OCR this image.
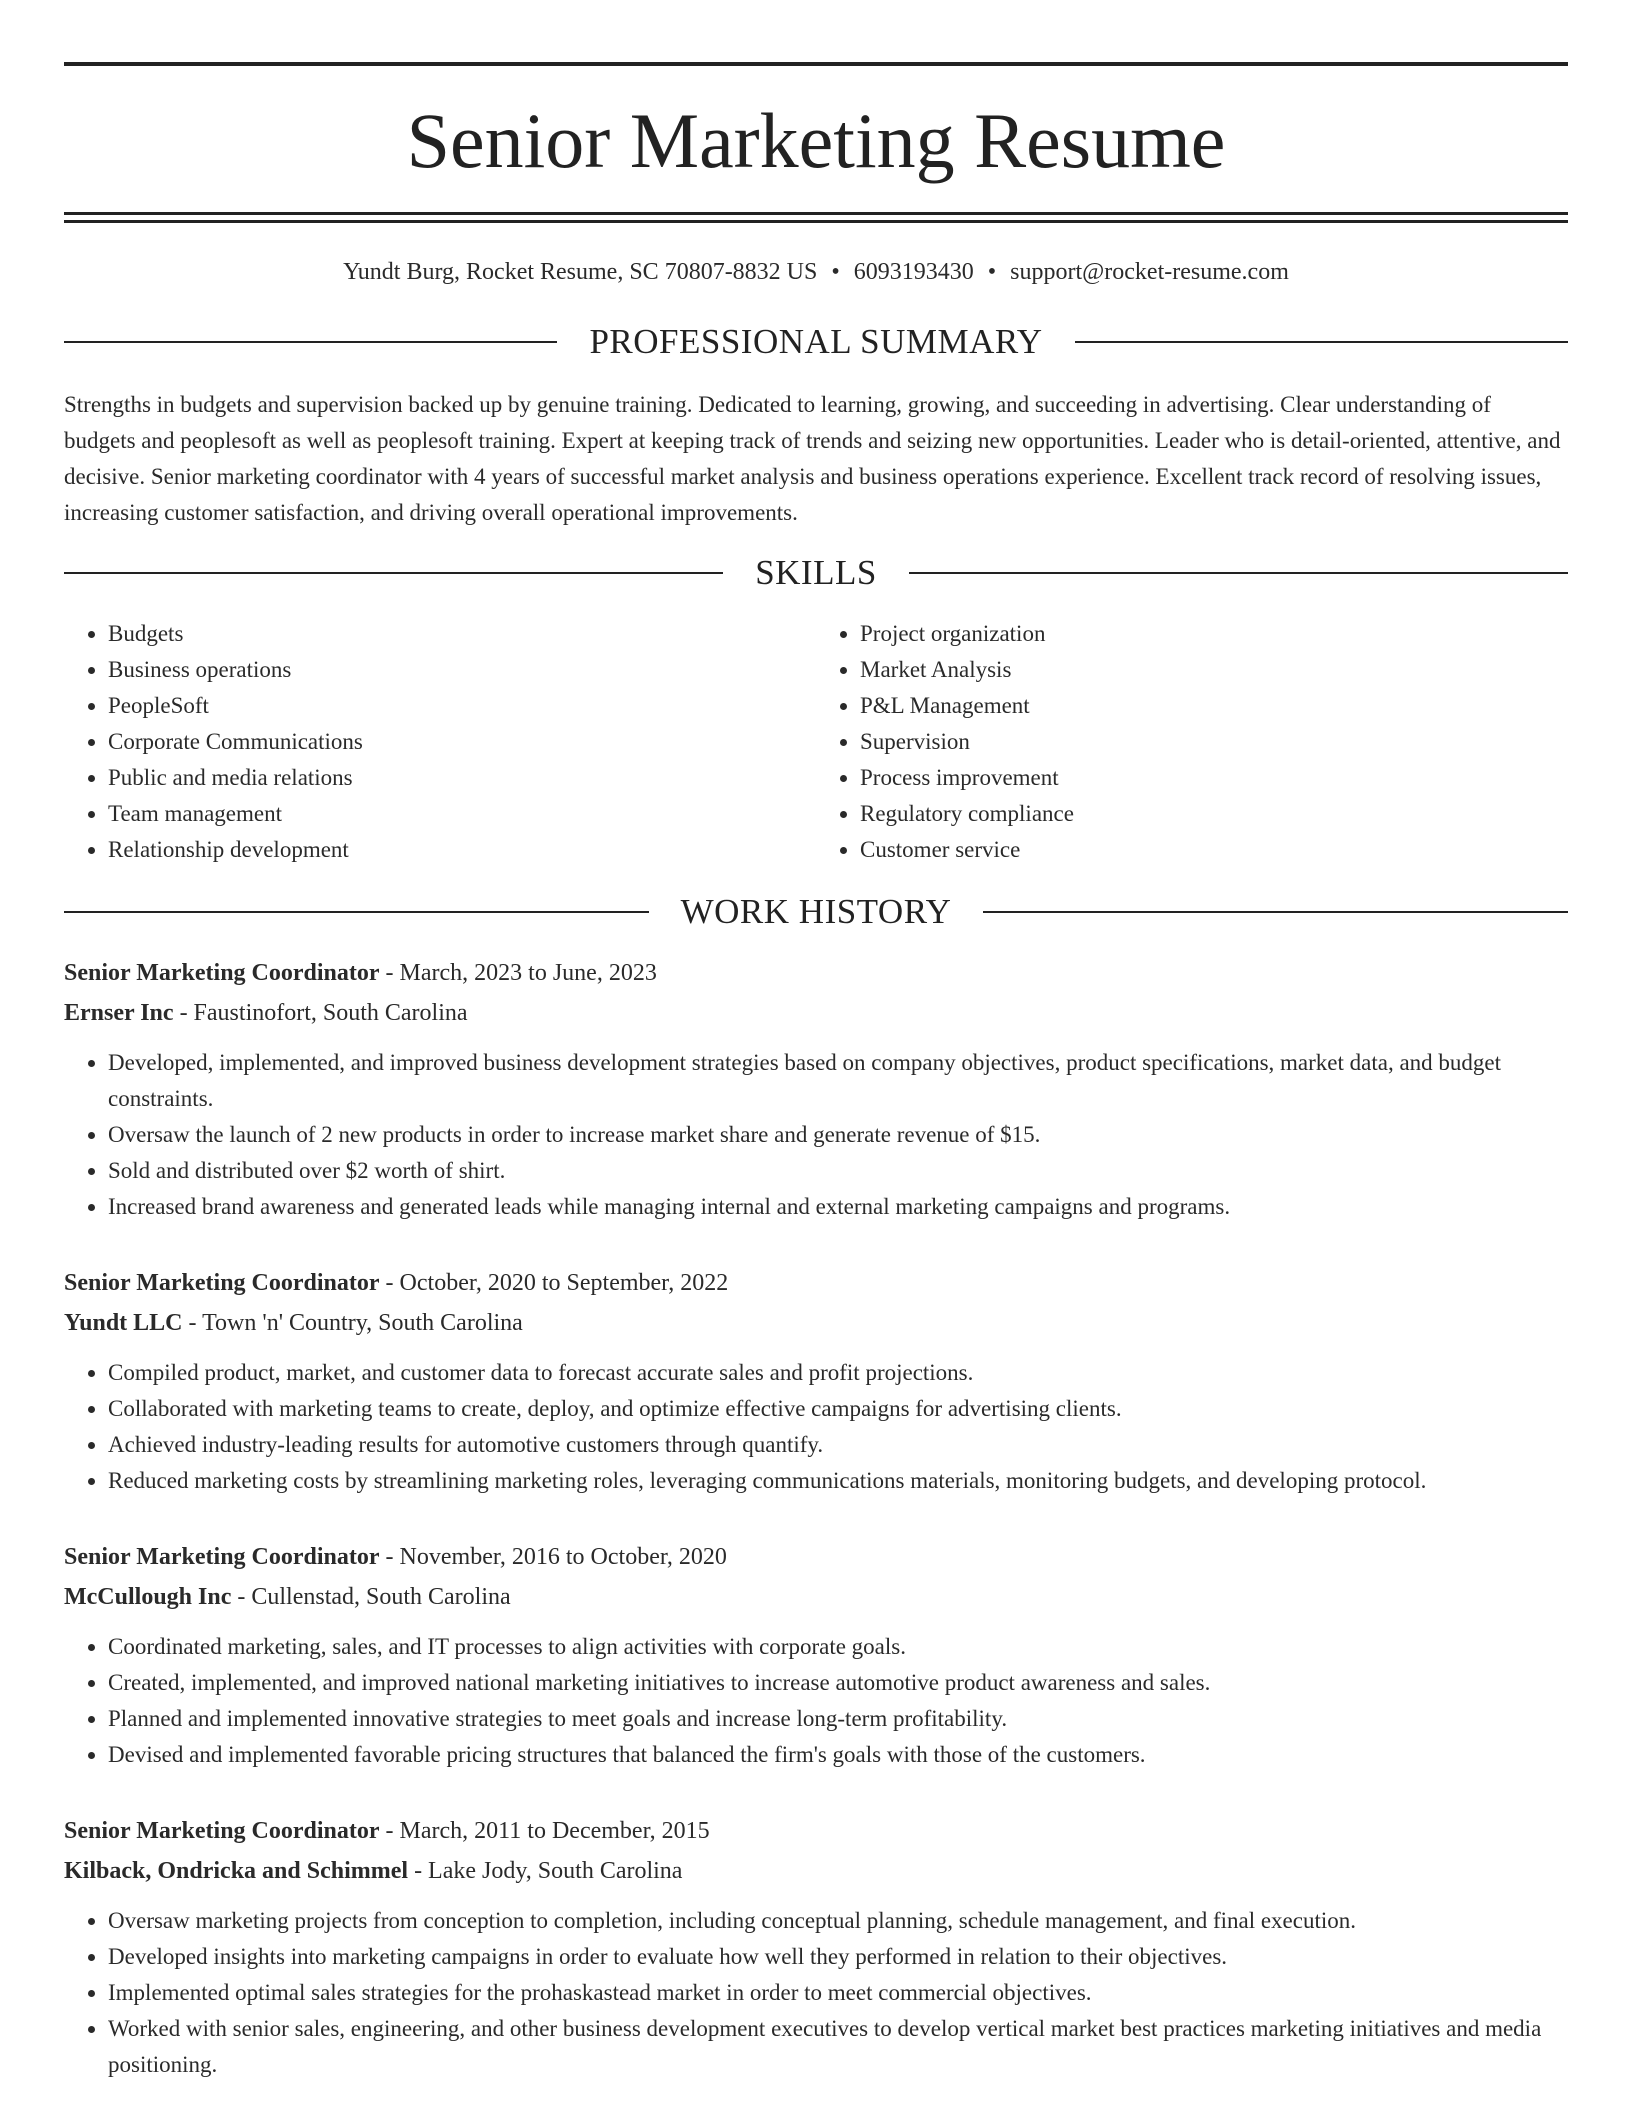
Senior Marketing Resume
Yundt Burg, Rocket Resume, SC 70807-8832 US • 6093193430 • support@rocket-resume.com
PROFESSIONAL SUMMARY
Strengths in budgets and supervision backed up by genuine training. Dedicated to learning, growing, and succeeding in advertising. Clear understanding of budgets and peoplesoft as well as peoplesoft training. Expert at keeping track of trends and seizing new opportunities. Leader who is detail-oriented, attentive, and decisive. Senior marketing coordinator with 4 years of successful market analysis and business operations experience. Excellent track record of resolving issues, increasing customer satisfaction, and driving overall operational improvements.
SKILLS
• Budgets
• Business operations
• PeopleSoft
• Corporate Communications
• Public and media relations
• Team management
• Relationship development
• Project organization
• Market Analysis
• P&L Management
• Supervision
• Process improvement
• Regulatory compliance
• Customer service
WORK HISTORY
Senior Marketing Coordinator - March, 2023 to June, 2023
Ernser Inc - Faustinofort, South Carolina
• Developed, implemented, and improved business development strategies based on company objectives, product specifications, market data, and budget constraints.
• Oversaw the launch of 2 new products in order to increase market share and generate revenue of $15.
• Sold and distributed over $2 worth of shirt.
• Increased brand awareness and generated leads while managing internal and external marketing campaigns and programs.
Senior Marketing Coordinator - October, 2020 to September, 2022
Yundt LLC - Town 'n' Country, South Carolina
• Compiled product, market, and customer data to forecast accurate sales and profit projections.
• Collaborated with marketing teams to create, deploy, and optimize effective campaigns for advertising clients.
• Achieved industry-leading results for automotive customers through quantify.
• Reduced marketing costs by streamlining marketing roles, leveraging communications materials, monitoring budgets, and developing protocol.
Senior Marketing Coordinator - November, 2016 to October, 2020
McCullough Inc - Cullenstad, South Carolina
• Coordinated marketing, sales, and IT processes to align activities with corporate goals.
• Created, implemented, and improved national marketing initiatives to increase automotive product awareness and sales.
• Planned and implemented innovative strategies to meet goals and increase long-term profitability.
• Devised and implemented favorable pricing structures that balanced the firm's goals with those of the customers.
Senior Marketing Coordinator - March, 2011 to December, 2015
Kilback, Ondricka and Schimmel - Lake Jody, South Carolina
• Oversaw marketing projects from conception to completion, including conceptual planning, schedule management, and final execution.
• Developed insights into marketing campaigns in order to evaluate how well they performed in relation to their objectives.
• Implemented optimal sales strategies for the prohaskastead market in order to meet commercial objectives.
• Worked with senior sales, engineering, and other business development executives to develop vertical market best practices marketing initiatives and media positioning.
